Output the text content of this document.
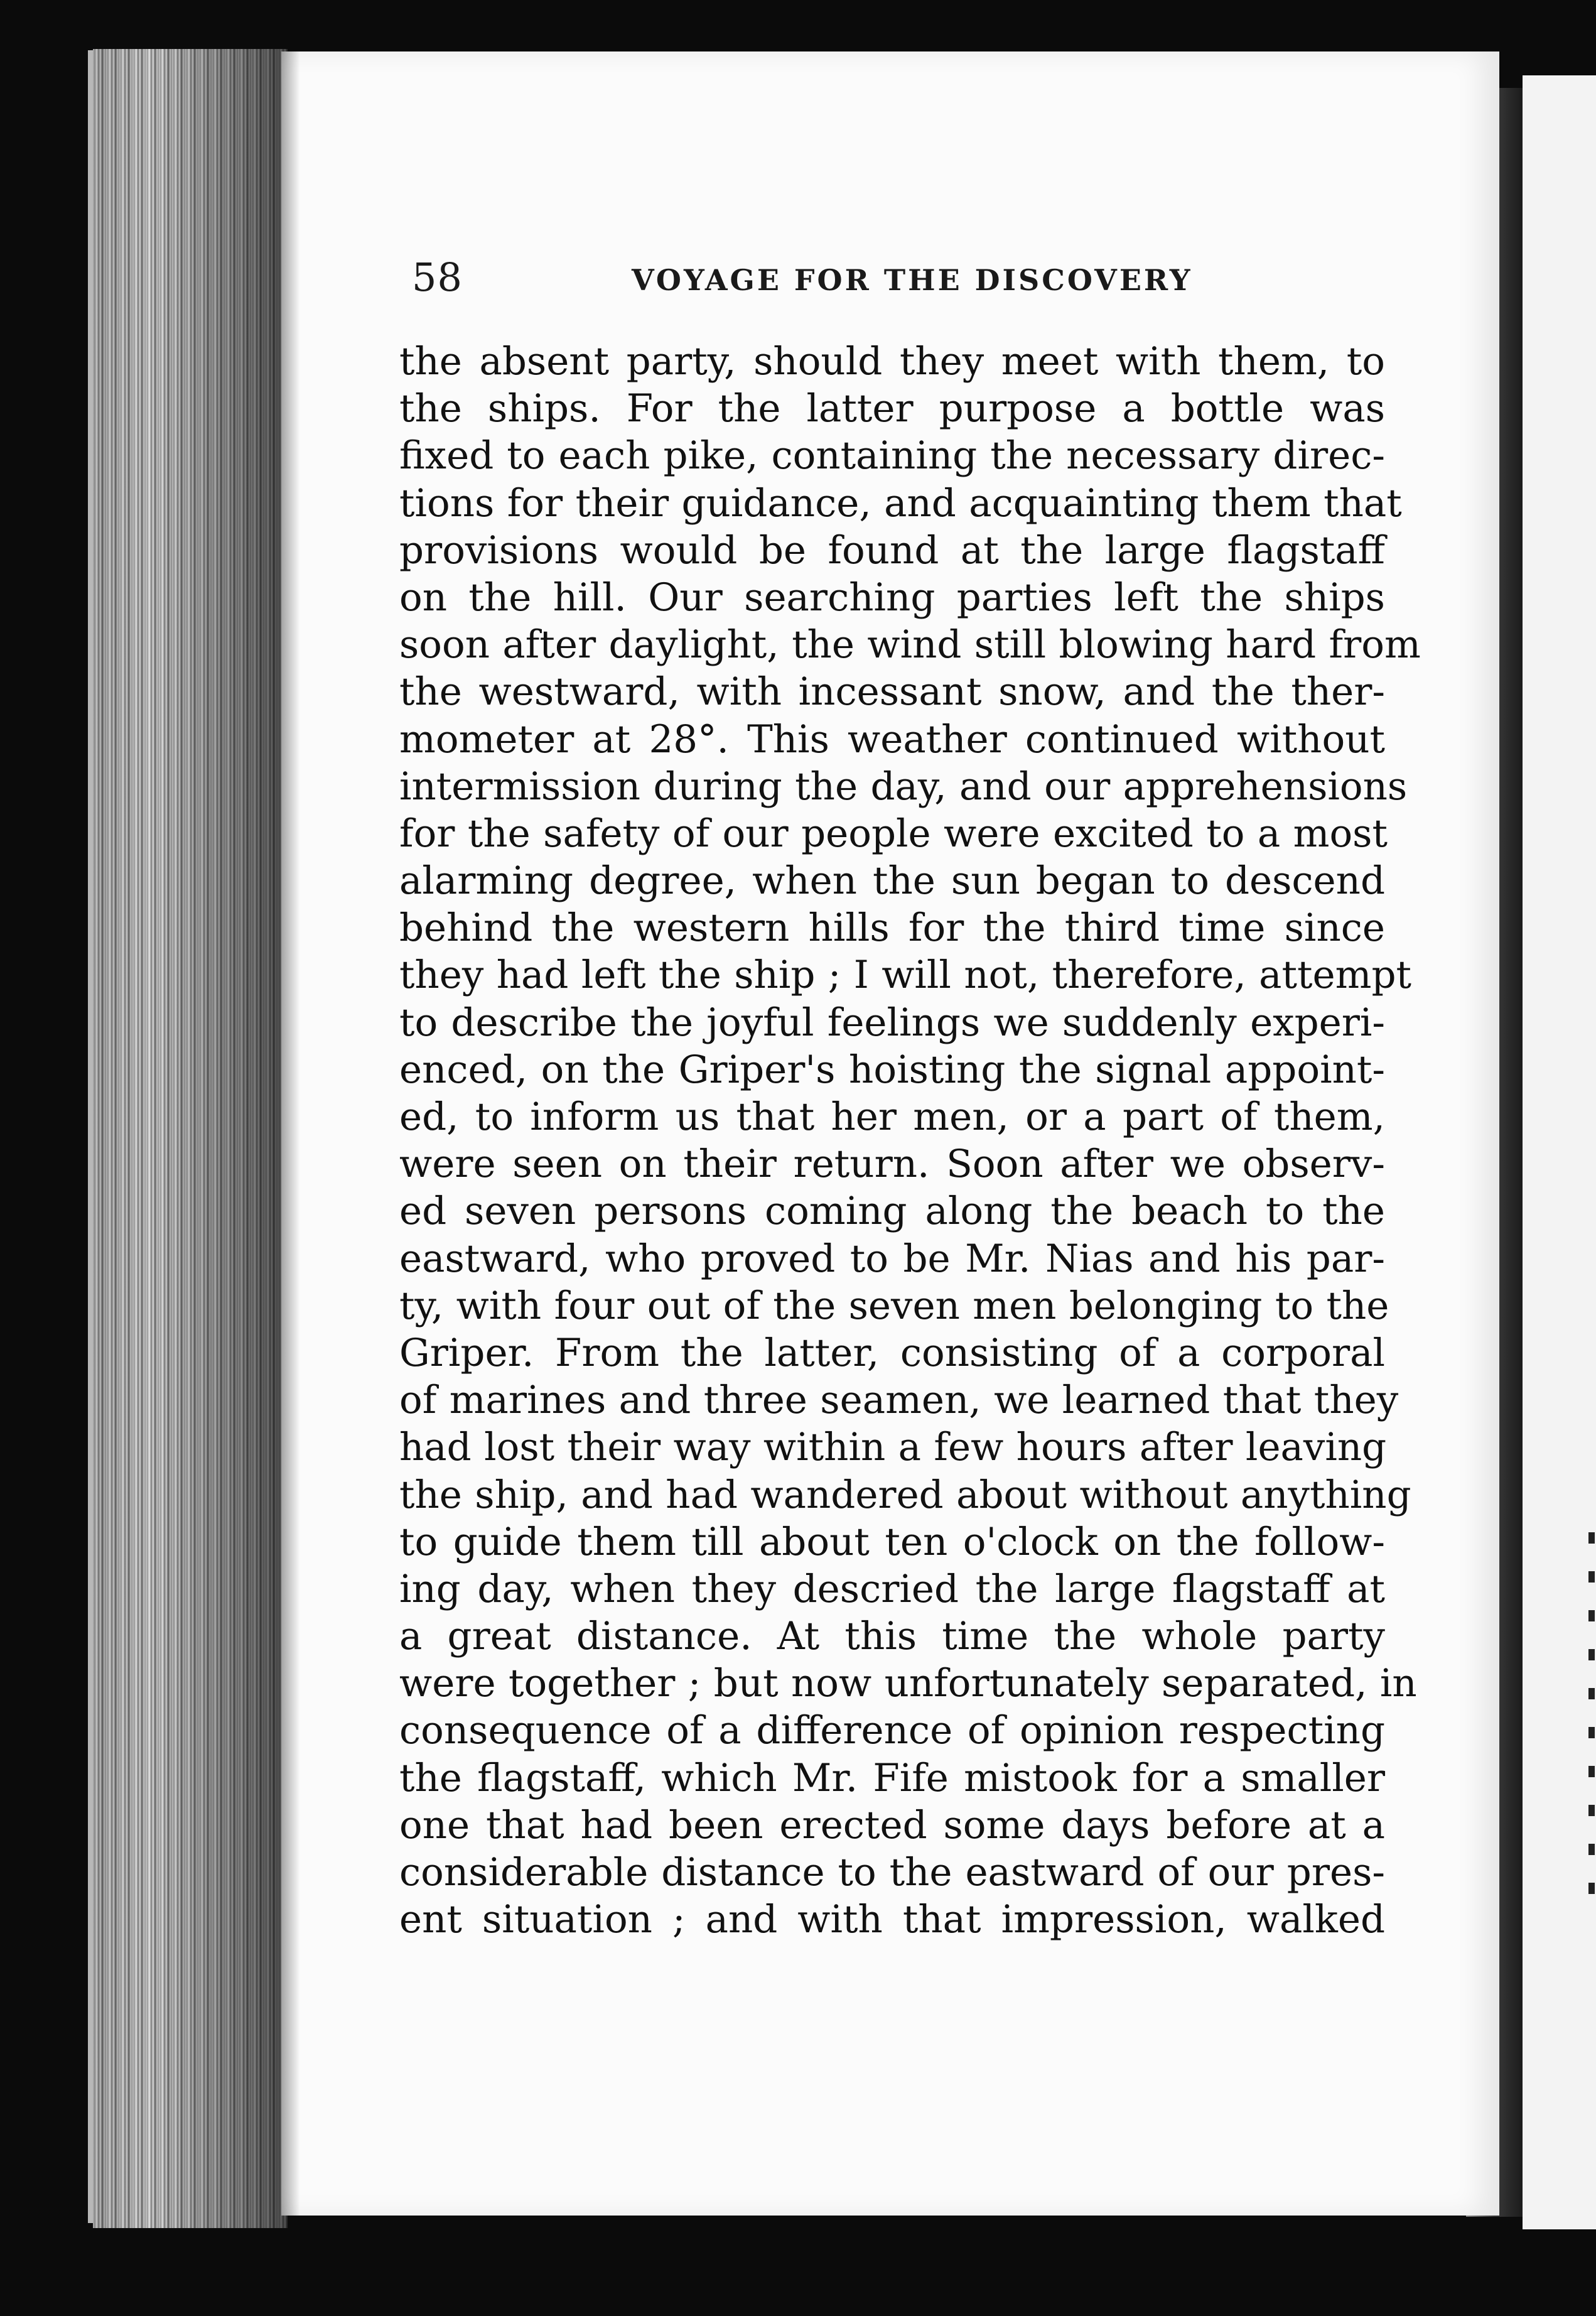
58	VOYAGE FOR THE DISCOVERY
the absent party, should they meet with them, to
the ships. For the latter purpose a bottle was
fixed to each pike, containing the necessary direc-
tions for their guidance, and acquainting them that
provisions would be found at the large flagstaff
on the hill. Our searching parties left the ships
soon after daylight, the wind still blowing hard from
the westward, with incessant snow, and the ther-
mometer at 28°. This weather continued without
intermission during the day, and our apprehensions
for the safety of our people were excited to a most
alarming degree, when the sun began to descend
behind the western hills for the third time since
they had left the ship ; I will not, therefore, attempt
to describe the joyful feelings we suddenly experi-
enced, on the Griper's hoisting the signal appoint-
ed, to inform us that her men, or a part of them,
were seen on their return. Soon after we observ-
ed seven persons coming along the beach to the
eastward, who proved to be Mr. Nias and his par-
ty, with four out of the seven men belonging to the
Griper. From the latter, consisting of a corporal
of marines and three seamen, we learned that they
had lost their way within a few hours after leaving
the ship, and had wandered about without anything
to guide them till about ten o'clock on the follow-
ing day, when they descried the large flagstaff at
a great distance. At this time the whole party
were together ; but now unfortunately separated, in
consequence of a difference of opinion respecting
the flagstaff, which Mr. Fife mistook for a smaller
one that had been erected some days before at a
considerable distance to the eastward of our pres-
ent situation ; and with that impression, walked
